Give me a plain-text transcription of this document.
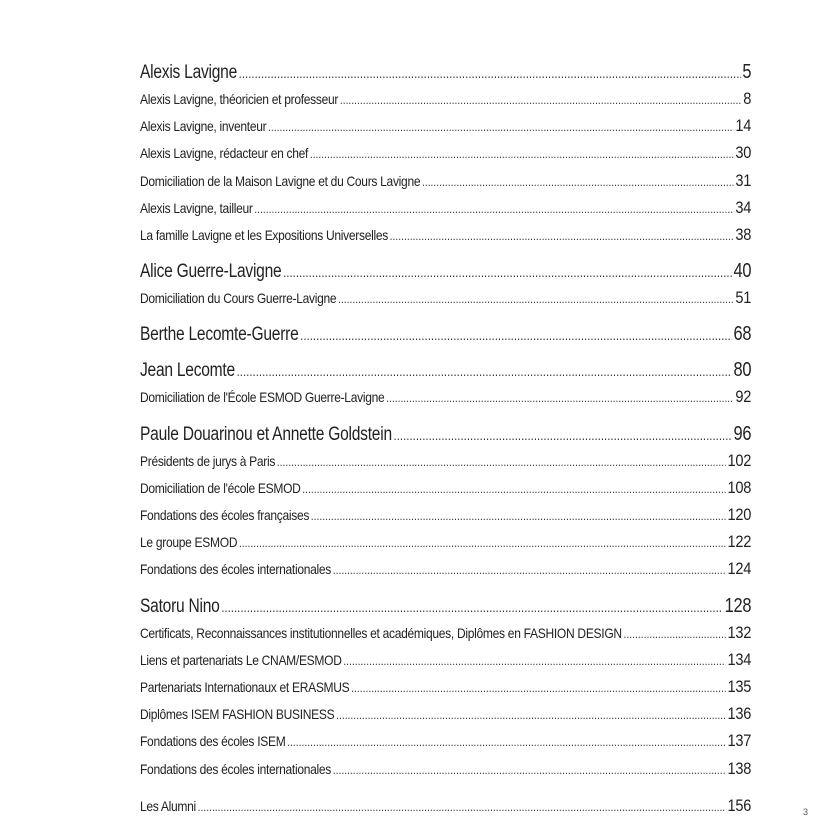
Alexis Lavigne .....	5
Alexis Lavigne, théoricien et professeur .....	8
Alexis Lavigne, inventeur .....	14
Alexis Lavigne, rédacteur en chef .....	30
Domiciliation de la Maison Lavigne et du Cours Lavigne .....	31
Alexis Lavigne, tailleur .....	34
La famille Lavigne et les Expositions Universelles .....	38
Alice Guerre-Lavigne .....	40
Domiciliation du Cours Guerre-Lavigne .....	51
Berthe Lecomte-Guerre .....	68
Jean Lecomte .....	80
Domiciliation de l'École ESMOD Guerre-Lavigne .....	92
Paule Douarinou et Annette Goldstein .....	96
Présidents de jurys à Paris .....	102
Domiciliation de l'école ESMOD .....	108
Fondations des écoles françaises .....	120
Le groupe ESMOD .....	122
Fondations des écoles internationales .....	124
Satoru Nino .....	128
Certificats, Reconnaissances institutionnelles et académiques, Diplômes en FASHION DESIGN .....	132
Liens et partenariats Le CNAM/ESMOD .....	134
Partenariats Internationaux et ERASMUS .....	135
Diplômes ISEM FASHION BUSINESS .....	136
Fondations des écoles ISEM .....	137
Fondations des écoles internationales .....	138
Les Alumni .....	156	3
